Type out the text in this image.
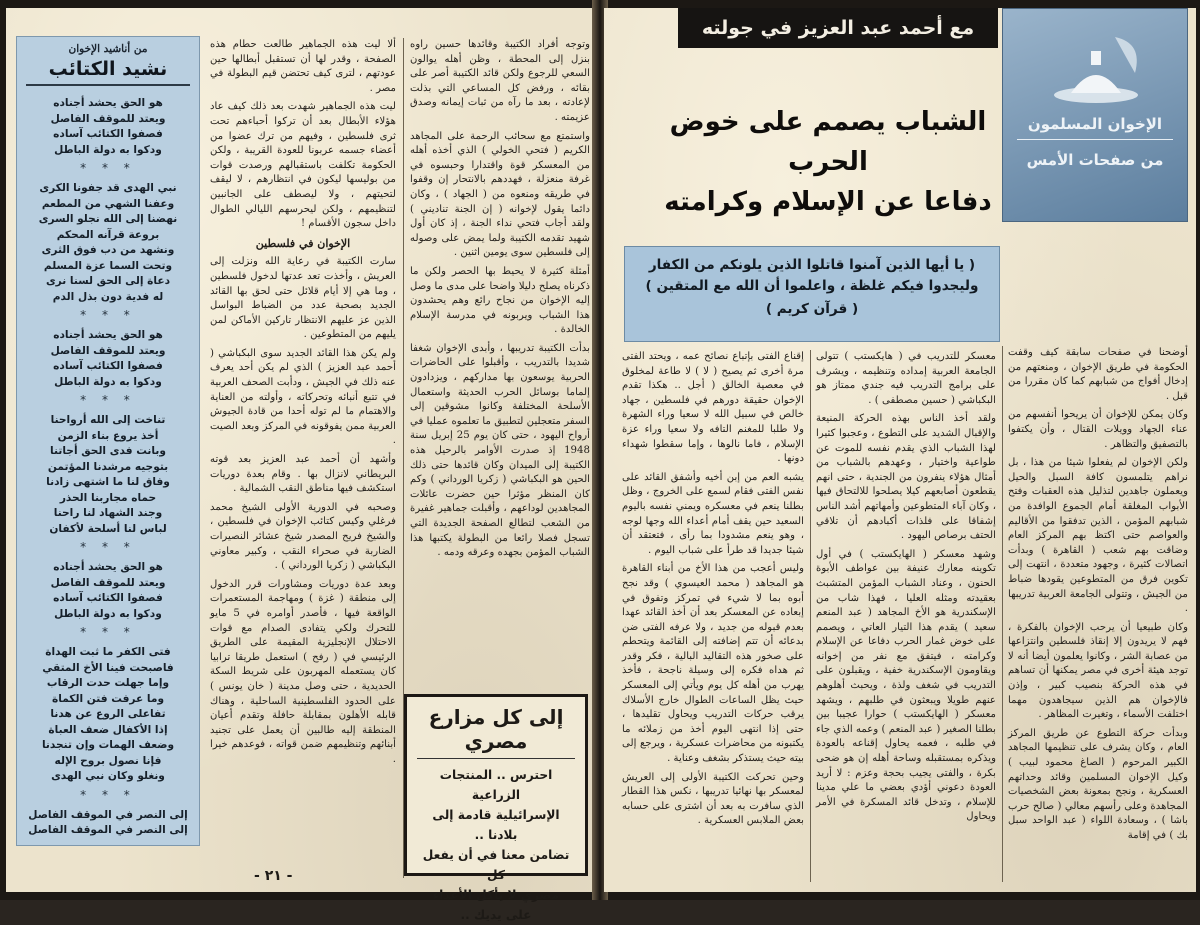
وتوجه أفراد الكتيبة وقائدها حسين راوه بنزل إلى المحطة ، وظن أهله يوالون السعي للرجوع ولكن قائد الكتيبة أصر على بقائه ، ورفض كل المساعي التي بذلت لإعادته ، بعد ما رآه من ثبات إيمانه وصدق عزيمته .

واستمتع مع سحائب الرحمة على المجاهد الكريم ( فتحي الخولي ) الذي أخذه أهله من المعسكر قوة واقتدارا وحبسوه في غرفة منعزلة ، فهددهم بالانتحار إن وقفوا في طريقه ومنعوه من ( الجهاد ) ، وكان دائما يقول لإخوانه ( إن الجنة تناديني ) ولقد أجاب فتحي نداء الجنة ، إذ كان أول شهيد تقدمه الكتيبة ولما يمض على وصوله إلى فلسطين سوى يومين اثنين .

أمثلة كثيرة لا يحيط بها الحصر ولكن ما ذكرناه يصلح دليلا واضحا على مدى ما وصل إليه الإخوان من نجاح رائع وهم يحشدون هذا الشباب ويربونه في مدرسة الإسلام الخالدة .

بدأت الكتيبة تدريبها ، وأبدى الإخوان شغفا شديدا بالتدريب ، وأقبلوا على الحاضرات الحربية يوسعون بها مداركهم ، ويزدادون إلماما بوسائل الحرب الحديثة واستعمال الأسلحة المختلفة وكانوا مشوقين إلى السفر متعجلين لتطبيق ما تعلموه عمليا في أرواح اليهود ، حتى كان يوم 25 إبريل سنة 1948 إذ صدرت الأوامر بالرحيل هذه الكتيبة إلى الميدان وكان قائدها حتى ذلك الحين هو البكباشي ( زكريا الورداني ) وكم كان المنظر مؤثرا حين حضرت عائلات المجاهدين لوداعهم ، وأقبلت جماهير غفيرة من الشعب لتطالع الصفحة الجديدة التي تسجل فصلا رائعا من البطولة يكتبها هذا الشباب المؤمن بجهده وعرقه ودمه .

ألا ليت هذه الجماهير طالعت حطام هذه الصفحة ، وقدر لها أن تستقبل أبطالها حين عودتهم ، لترى كيف تحتضن قيم البطولة في مصر .

ليت هذه الجماهير شهدت بعد ذلك كيف عاد هؤلاء الأبطال بعد أن تركوا أحباءهم تحت ثرى فلسطين ، وفيهم من ترك عضوا من أعضاء جسمه عربونا للعودة القريبة ، ولكن الحكومة تكلفت باستقبالهم ورصدت قوات من بوليسها ليكون في انتظارهم ، لا ليقف لتحيتهم ، ولا ليصطف على الجانبين لتنظيمهم ، ولكن ليحرسهم الليالي الطوال داخل سجون الأقسام !

الإخوان في فلسطين

سارت الكتيبة في رعاية الله ونزلت إلى العريش ، وأخذت تعد عدتها لدخول فلسطين ، وما هي إلا أيام قلائل حتى لحق بها القائد الجديد بصحبة عدد من الضباط البواسل الذين عز عليهم الانتظار تاركين الأماكن لمن يليهم من المتطوعين .

ولم يكن هذا القائد الجديد سوى البكباشي ( أحمد عبد العزيز ) الذي لم يكن أحد يعرف عنه ذلك في الجيش ، ودأبت الصحف العربية في تتبع أنبائه وتحركاته ، وأولته من العناية والاهتمام ما لم توله أحدا من قادة الجيوش العربية ممن يفوقونه في المركز وبعد الصيت .

وأشهد أن أحمد عبد العزيز بعد قوته البريطاني لانزال بها . وقام بعدة دوريات استكشف فيها مناطق النقب الشمالية .

وصحبه في الدورية الأولى الشيخ محمد فرغلي وكيس كتائب الإخوان في فلسطين ، والشيخ فريح المصدر شيخ عشائر النصيرات الضاربة في صحراء النقب ، وكبير معاوني البكباشي ( زكريا الورداني ) .

وبعد عدة دوريات ومشاورات قرر الدخول إلى منطقة ( غزة ) ومهاجمة المستعمرات الواقعة فيها ، فأصدر أوامره في 5 مايو للتحرك ولكي يتفادى الصدام مع قوات الاحتلال الإنجليزية المقيمة على الطريق الرئيسي في ( رفح ) استعمل طريقا ترابيا كان يستعمله المهربون على شريط السكة الحديدية ، حتى وصل مدينة ( خان يونس ) على الحدود الفلسطينية الساحلية ، وهناك قابله الأهلون بمقابلة حافلة وتقدم أعيان المنطقة إليه طالبين أن يعمل على تجنيد أبنائهم وتنظيمهم ضمن قواته ، فوعدهم خيرا .

من أناشيد الإخوان
نشيد الكتائب
هو الحق يحشد أجناده
ويعتد للموقف الفاصل
فصفوا الكتائب آساده
ودكوا به دولة الباطل
* * *
نبي الهدى قد جفونا الكرى
وعفنا الشهي من المطعم
نهضنا إلى الله نجلو السرى
بروعة قرآنه المحكم
ونشهد من دب فوق الثرى
وتحت السما عزة المسلم
دعاة إلى الحق لسنا نرى
له فدية دون بذل الدم
* * *
هو الحق يحشد أجناده
ويعتد للموقف الفاصل
فصفوا الكتائب آساده
ودكوا به دولة الباطل
* * *
تناخت إلى الله أرواحنا
أخذ يروع بناء الزمن
وبانت فدى الحق أجاتنا
بتوجيه مرشدنا المؤتمن
وفاق لنا ما اشتهى زادنا
حماه مجاربنا الحذر
وجند الشهاد لنا راحنا
لباس لنا أسلحة لأكفان
* * *
هو الحق يحشد أجناده
ويعتد للموقف الفاصل
فصفوا الكتائب آساده
ودكوا به دولة الباطل
* * *
فتى الكفر ما ثبت الهداة
فاصبحت فينا الأخ المتقي
وإما جهلت حدت الرقاب
وما عرفت فتن الكماة
تفاعلى الروع عن هدنا
إذا الأكفال ضعف العباة
وضعف الهمات وإن تنجدنا
فإنا نصول بروح الإله
ونغلو وكان نبي الهدى
* * *
إلى النصر في الموقف الفاصل
إلى النصر في الموقف الفاصل
إلى كل مزارع مصري
احترس .. المنتجات الزراعية
الإسرائيلية قادمة إلى بلادنا ..
تضامن معنا في أن يفعل كل
مصري لا يأكل الأعداء
على يديك ..
- ٢١ -
مع أحمد عبد العزيز في جولته
الإخوان المسلمون
من صفحات الأمس
الشباب يصمم على خوض الحرب
دفاعا عن الإسلام وكرامته
( يا أيها الذين آمنوا قاتلوا الذين يلونكم من الكفار وليجدوا فيكم غلظة ، واعلموا أن الله مع المتقين )
( قرآن كريم )

أوضحنا في صفحات سابقة كيف وقفت الحكومة في طريق الإخوان ، ومنعتهم من إدخال أفواج من شبابهم كما كان مقررا من قبل .

وكان يمكن للإخوان أن يريحوا أنفسهم من عناء الجهاد وويلات القتال ، وأن يكتفوا بالتصفيق والتظاهر .

ولكن الإخوان لم يفعلوا شيئا من هذا ، بل نراهم يتلمسون كافة السبل والحيل ويعملون جاهدين لتذليل هذه العقبات وفتح الأبواب المغلقة أمام الجموع الوافدة من شبابهم المؤمن ، الذين تدفقوا من الأقاليم والعواصم حتى اكتظ بهم المركز العام وضاقت بهم شعب ( القاهرة ) وبدأت اتصالات كثيرة ، وجهود متعددة ، انتهت إلى تكوين فرق من المتطوعين يقودها ضباط من الجيش ، وتتولى الجامعة العربية تدريبها .

وكان طبيعيا أن يرحب الإخوان بالفكرة ، فهم لا يريدون إلا إنقاذ فلسطين وانتزاعها من عصابة الشر ، وكانوا يعلمون أيضا أنه لا توجد هيئة أخرى في مصر يمكنها أن تساهم في هذه الحركة بنصيب كبير ، وإذن فالإخوان هم الذين سيجاهدون مهما اختلفت الأسماء ، وتغيرت المظاهر .

وبدأت حركة التطوع عن طريق المركز العام ، وكان يشرف على تنظيمها المجاهد الكبير المرحوم ( الصاغ محمود لبيب ) وكيل الإخوان المسلمين وقائد وحداتهم العسكرية ، ونجح بمعونة بعض الشخصيات المجاهدة وعلى رأسهم معالي ( صالح حرب باشا ) ، وسعادة اللواء ( عبد الواحد سبل بك ) في إقامة

معسكر للتدريب في ( هايكستب ) تتولى الجامعة العربية إمداده وتنظيمه ، ويشرف على برامج التدريب فيه جندي ممتاز هو البكباشي ( حسين مصطفى ) .

ولقد أخذ الناس بهذه الحركة المنيعة والإقبال الشديد على التطوع ، وعجبوا كثيرا لهذا الشباب الذي يقدم نفسه للموت عن طواعية واختيار ، وعهدهم بالشباب من أمثال هؤلاء ينفرون من الجندية ، حتى انهم يقطعون أصابعهم كيلا يصلحوا للالتحاق فيها ، وكان آباء المتطوعين وأمهاتهم أشد الناس إشفاقا على فلذات أكبادهم أن تلاقي الحتف برصاص اليهود .

وشهد معسكر ( الهايكستب ) في أول تكوينه معارك عنيفة بين عواطف الأبوة الحنون ، وعناد الشباب المؤمن المتشبث بعقيدته ومثله العليا ، فهذا شاب من الإسكندرية هو الأخ المجاهد ( عبد المنعم سعيد ) يقدم هذا التيار العاتي ، ويصمم على خوض غمار الحرب دفاعا عن الإسلام وكرامته ، فيتفق مع نفر من إخوانه ويقاومون الإسكندرية خفية ، ويقبلون على التدريب في شغف ولذة ، ويحبث أهلوهم عنهم طويلا ويبعثون في طلبهم ، ويشهد معسكر ( الهايكستب ) حوارا عجيبا بين بطلنا الصغير ( عبد المنعم ) وعمه الذي جاء في طلبه ، فعمه يحاول إقناعه بالعودة ويذكره بمستقبله وساحة أهله إن هو ضحى بكرة ، والفتى يجيب بحجة وعزم : لا أريد العودة دعوني أؤدي بعضي ما علي مدينا للإسلام ، وتدخل قائد المسكرة في الأمر ويحاول

إقناع الفتى بإتباع نصائح عمه ، ويحتد الفتى مرة أخرى ثم يصيح ( لا ) لا طاعة لمخلوق في معصية الخالق ( أجل .. هكذا تقدم الإخوان حقيقة دورهم في فلسطين ، جهاد خالص في سبيل الله لا سعيا وراء الشهرة ولا طلبا للمغنم التافه ولا سعيا وراء عزة الإسلام ، فاما نالوها ، وإما سقطوا شهداء دونها .

يشبه العم من إبن أخيه وأشفق القائد على نفس الفتى فقام لسمع على الخروج ، وظل بطلنا ينعم في معسكره ويمني نفسه باليوم السعيد حين يقف أمام أعداء الله وجها لوجه ، وهو ينعم مشدودا بما رأى ، فتعتقد أن شيئا جديدا قد طرأ على شباب اليوم .

وليس أعجب من هذا الأخ من أبناء القاهرة هو المجاهد ( محمد العيسوي ) وقد نجح أبوه بما لا شيء في تمركز وتفوق في إبعاده عن المعسكر بعد أن أخذ القائد عهدا بعدم قبوله من جديد ، ولا عرفه الفتى ضن بدعائه أن تتم إضافته إلى القائمة ويتحطم على صخور هذه التقاليد البالية ، فكر وقدر ثم هداه فكره إلى وسيلة ناجحة ، فأخذ يهرب من أهله كل يوم ويأتي إلى المعسكر حيث يظل الساعات الطوال خارج الأسلاك يرقب حركات التدريب ويحاول تقليدها ، حتى إذا انتهى اليوم أخذ من زملائه ما يكتبونه من محاضرات عسكرية ، ويرجع إلى بيته حيث يستذكر بشغف وعناية .

وحين تحركت الكتيبة الأولى إلى العريش لمعسكر بها نهائيا تدريبها ، نكس هذا القطار الذي سافرت به بعد أن اشترى على حسابه بعض الملابس العسكرية .
